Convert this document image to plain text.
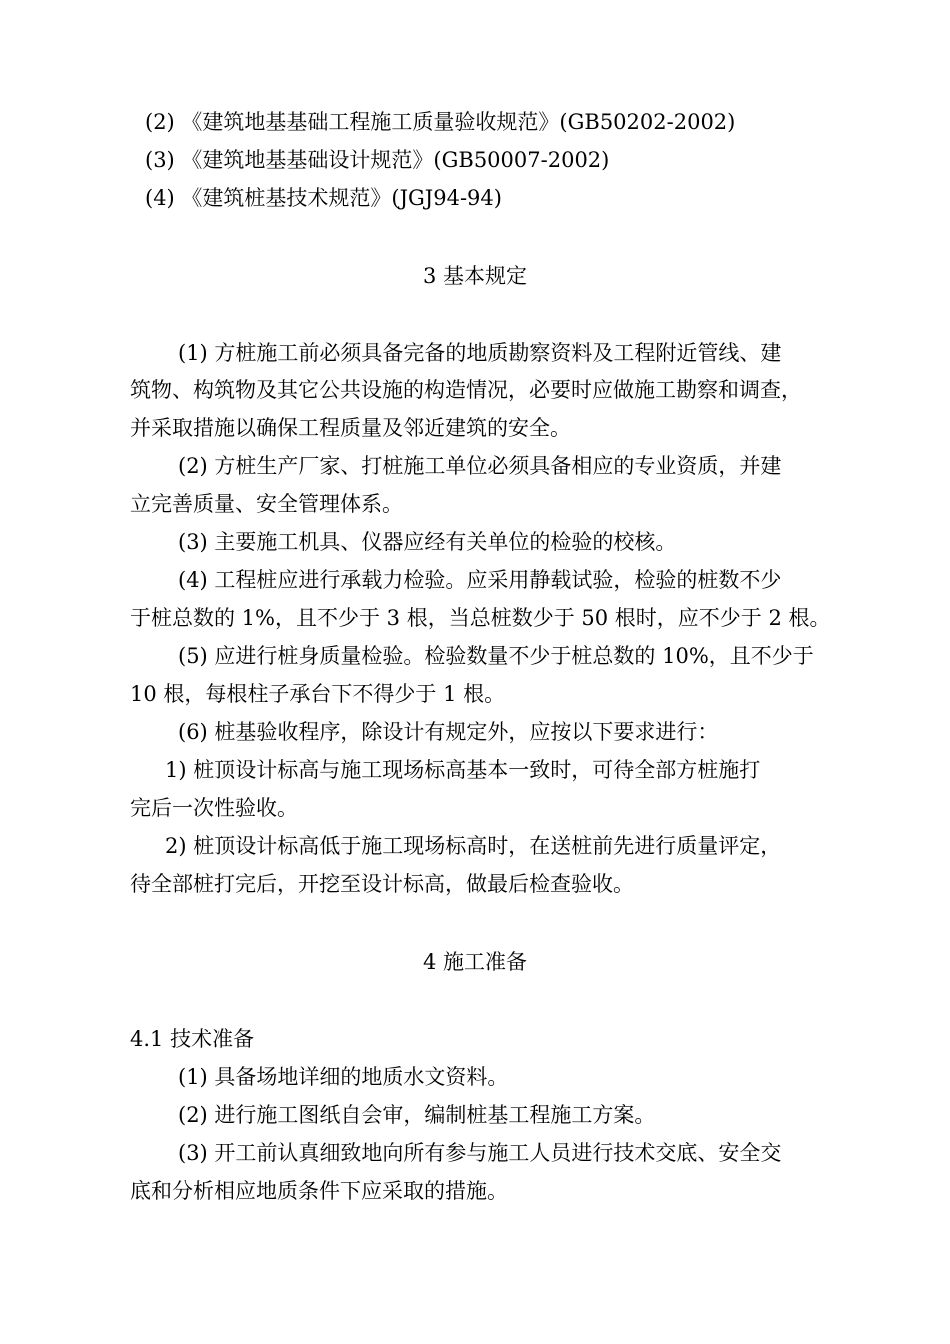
(2) 《建筑地基基础工程施工质量验收规范》(GB50202-2002)
(3) 《建筑地基基础设计规范》(GB50007-2002)
(4) 《建筑桩基技术规范》(JGJ94-94)
3 基本规定
(1) 方桩施工前必须具备完备的地质勘察资料及工程附近管线、建
筑物、构筑物及其它公共设施的构造情况，必要时应做施工勘察和调查，
并采取措施以确保工程质量及邻近建筑的安全。
(2) 方桩生产厂家、打桩施工单位必须具备相应的专业资质，并建
立完善质量、安全管理体系。
(3) 主要施工机具、仪器应经有关单位的检验的校核。
(4) 工程桩应进行承载力检验。应采用静载试验，检验的桩数不少
于桩总数的 1%，且不少于 3 根，当总桩数少于 50 根时，应不少于 2 根。
(5) 应进行桩身质量检验。检验数量不少于桩总数的 10%，且不少于
10 根，每根柱子承台下不得少于 1 根。
(6) 桩基验收程序，除设计有规定外，应按以下要求进行：
1) 桩顶设计标高与施工现场标高基本一致时，可待全部方桩施打
完后一次性验收。
2) 桩顶设计标高低于施工现场标高时，在送桩前先进行质量评定，
待全部桩打完后，开挖至设计标高，做最后检查验收。
4 施工准备
4.1 技术准备
(1) 具备场地详细的地质水文资料。
(2) 进行施工图纸自会审，编制桩基工程施工方案。
(3) 开工前认真细致地向所有参与施工人员进行技术交底、安全交
底和分析相应地质条件下应采取的措施。
